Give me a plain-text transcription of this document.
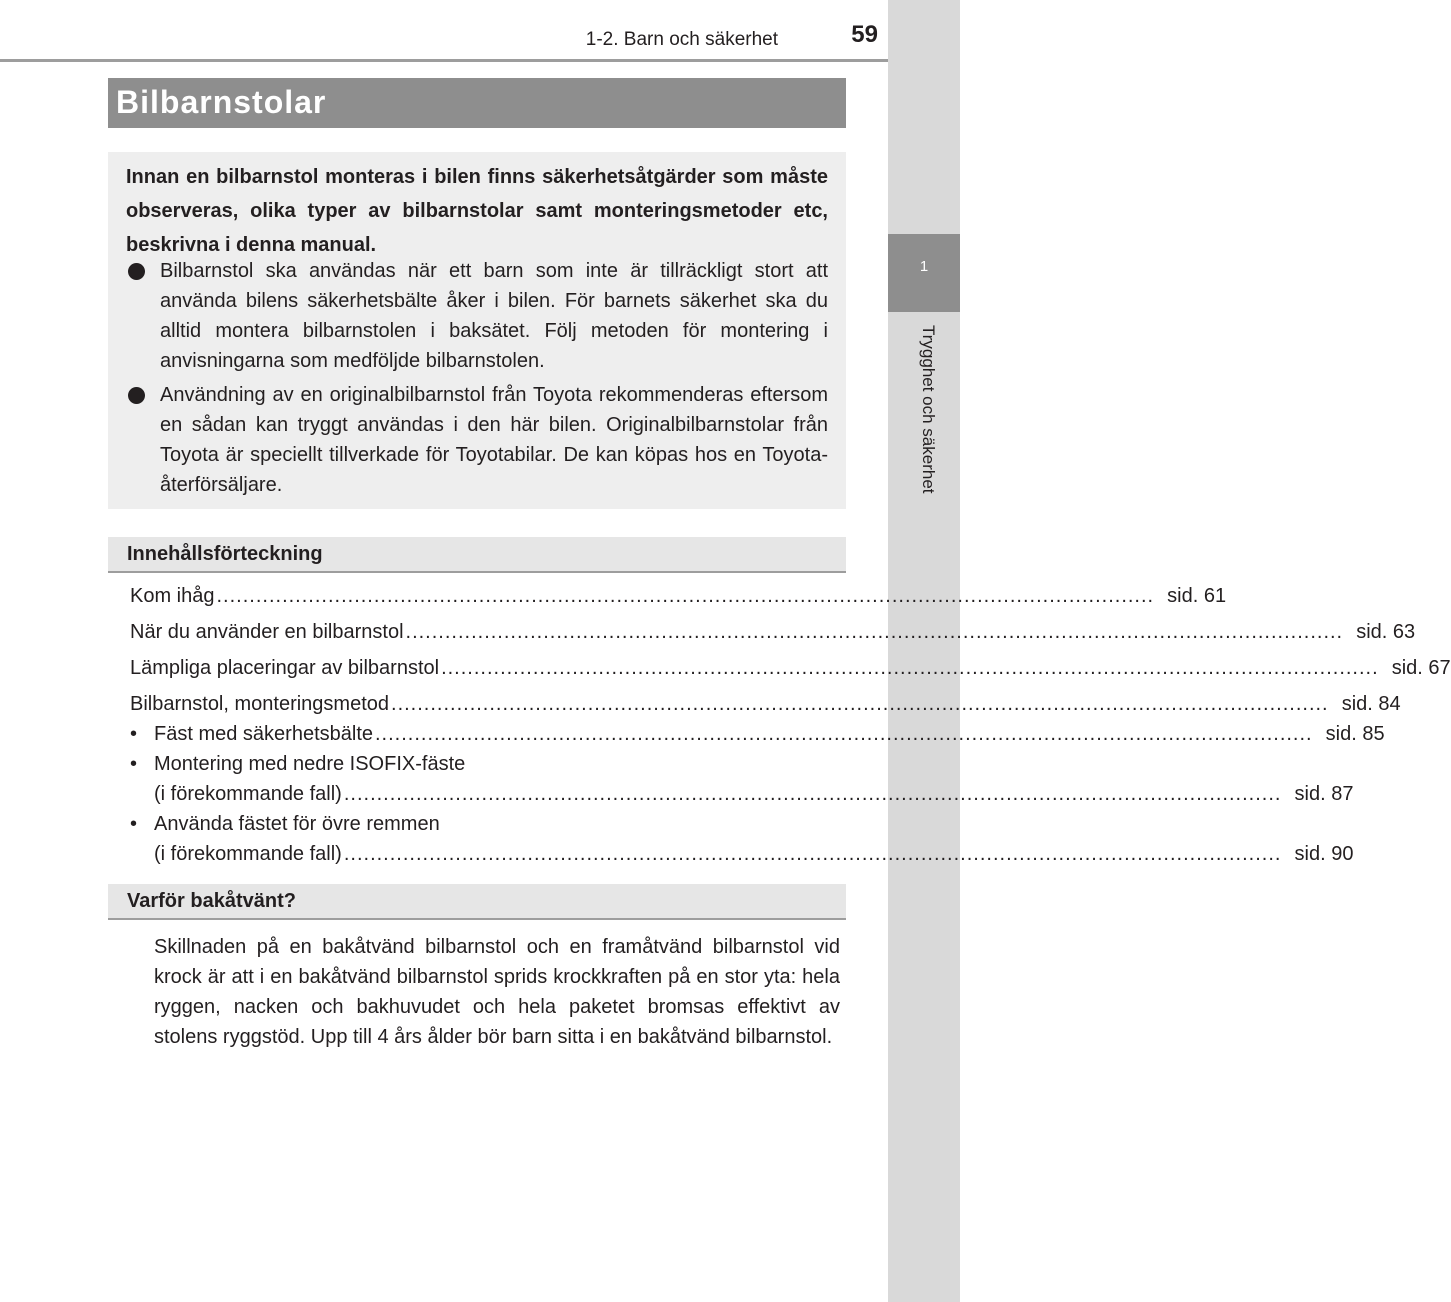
1-2. Barn och säkerhet	59
1
Trygghet och säkerhet
Bilbarnstolar
Innan en bilbarnstol monteras i bilen finns säkerhetsåtgärder som måste observeras, olika typer av bilbarnstolar samt monteringsmetoder etc, beskrivna i denna manual.
Bilbarnstol ska användas när ett barn som inte är tillräckligt stort att använda bilens säkerhetsbälte åker i bilen. För barnets säkerhet ska du alltid montera bilbarnstolen i baksätet. Följ metoden för montering i anvisningarna som medföljde bilbarnstolen.
Användning av en originalbilbarnstol från Toyota rekommenderas eftersom en sådan kan tryggt användas i den här bilen. Originalbilbarnstolar från Toyota är speciellt tillverkade för Toyotabilar. De kan köpas hos en Toyota-återförsäljare.
Innehållsförteckning
Kom ihåg ............................................................................................................................................... sid. 61
När du använder en bilbarnstol ............................................................................................................................................... sid. 63
Lämpliga placeringar av bilbarnstol ............................................................................................................................................... sid. 67
Bilbarnstol, monteringsmetod ............................................................................................................................................... sid. 84
• Fäst med säkerhetsbälte ............................................................................................................................................... sid. 85
• Montering med nedre ISOFIX-fäste
(i förekommande fall) ............................................................................................................................................... sid. 87
• Använda fästet för övre remmen
(i förekommande fall) ............................................................................................................................................... sid. 90
Varför bakåtvänt?
Skillnaden på en bakåtvänd bilbarnstol och en framåtvänd bilbarnstol vid krock är att i en bakåtvänd bilbarnstol sprids krockkraften på en stor yta: hela ryggen, nacken och bakhuvudet och hela paketet bromsas effektivt av stolens ryggstöd. Upp till 4 års ålder bör barn sitta i en bakåtvänd bilbarnstol.
